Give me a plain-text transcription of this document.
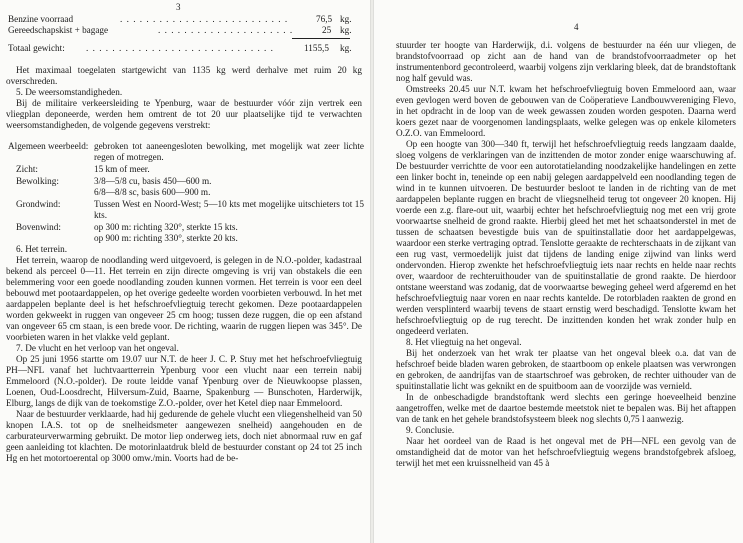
3
Benzine voorraad	. . . . . . . . . . . . . . . . . . . . . . . . . .	76,5 kg.
Gereedschapskist + bagage	. . . . . . . . . . . . . . . . . . . . .	25 kg.
Totaal gewicht: . . . . . . . . . . . . . . . . . . . . . . . . . . . . .	1155,5 kg.

Het maximaal toegelaten startgewicht van 1135 kg werd derhalve met ruim 20 kg overschreden.

5. De weersomstandigheden.

Bij de militaire verkeersleiding te Ypenburg, waar de bestuurder vóór zijn vertrek een vliegplan deponeerde, werden hem omtrent de tot 20 uur plaatselijke tijd te verwachten weersomstandigheden, de volgende gegevens verstrekt:

Algemeen weerbeeld: gebroken tot aaneengesloten bewolking, met mogelijk wat zeer lichte regen of motregen.
Zicht:	15 km of meer.
Bewolking:	3/8—5/8 cu, basis 450—600 m.
6/8—8/8 sc, basis 600—900 m.
Grondwind:	Tussen West en Noord-West; 5—10 kts met mogelijke uitschieters tot 15 kts.
Bovenwind:	op 300 m: richting 320°, sterkte 15 kts.
op 900 m: richting 330°, sterkte 20 kts.

6. Het terrein.

Het terrein, waarop de noodlanding werd uitgevoerd, is gelegen in de N.O.-polder, kadastraal bekend als perceel 0—11. Het terrein en zijn directe omgeving is vrij van obstakels die een belemmering voor een goede noodlanding zouden kunnen vormen. Het terrein is voor een deel bebouwd met pootaardappelen, op het overige gedeelte worden voorbieten verbouwd. In het met aardappelen beplante deel is het hefschroefvliegtuig terecht gekomen. Deze pootaardappelen worden gekweekt in ruggen van ongeveer 25 cm hoog; tussen deze ruggen, die op een afstand van ongeveer 65 cm staan, is een brede voor. De richting, waarin de ruggen liepen was 345°. De voorbieten waren in het vlakke veld geplant.

7. De vlucht en het verloop van het ongeval.

Op 25 juni 1956 startte om 19.07 uur N.T. de heer J. C. P. Stuy met het hefschroefvliegtuig PH—NFL vanaf het luchtvaartterrein Ypenburg voor een vlucht naar een terrein nabij Emmeloord (N.O.-polder). De route leidde vanaf Ypenburg over de Nieuwkoopse plassen, Loenen, Oud-Loosdrecht, Hilversum-Zuid, Baarne, Spakenburg — Bunschoten, Harderwijk, Elburg, langs de dijk van de toekomstige Z.O.-polder, over het Ketel diep naar Emmeloord.

Naar de bestuurder verklaarde, had hij gedurende de gehele vlucht een vliegenshelheid van 50 knopen I.A.S. tot op de snelheidsmeter aangewezen snelheid) aangehouden en de carburateurverwarming gebruikt. De motor liep onderweg iets, doch niet abnormaal ruw en gaf geen aanleiding tot klachten. De motorinlaatdruk bleld de bestuurder constant op 24 tot 25 inch Hg en het motortoerental op 3000 omw./min. Voorts had de be-

4

stuurder ter hoogte van Harderwijk, d.i. volgens de bestuurder na één uur vliegen, de brandstofvoorraad op zicht aan de hand van de brandstofvoorraadmeter op het instrumentenbord gecontroleerd, waarbij volgens zijn verklaring bleek, dat de brandstoftank nog half gevuld was.

Omstreeks 20.45 uur N.T. kwam het hefschroefvliegtuig boven Emmeloord aan, waar even gevlogen werd boven de gebouwen van de Coöperatieve Landbouwvereniging Flevo, in het opdracht in de loop van de week gewassen zouden worden gespoten. Daarna werd koers gezet naar de voorgenomen landingsplaats, welke gelegen was op enkele kilometers O.Z.O. van Emmeloord.

Op een hoogte van 300—340 ft, terwijl het hefschroefvliegtuig reeds langzaam daalde, sloeg volgens de verklaringen van de inzittenden de motor zonder enige waarschuwing af. De bestuurder verrichtte de voor een autorotatielanding noodzakelijke handelingen en zette een linker bocht in, teneinde op een nabij gelegen aardappelveld een noodlanding tegen de wind in te kunnen uitvoeren. De bestuurder besloot te landen in de richting van de met aardappelen beplante ruggen en bracht de vliegsnelheid terug tot ongeveer 20 knopen. Hij voerde een z.g. flare-out uit, waarbij echter het hefschroefvliegtuig nog met een vrij grote voorwaartse snelheid de grond raakte. Hierbij gleed het met het schaatsonderstel in met de tussen de schaatsen bevestigde buis van de spuitinstallatie door het aardappelgewas, waardoor een sterke vertraging optrad. Tenslotte geraakte de rechterschaats in de zijkant van een rug vast, vermoedelijk juist dat tijdens de landing enige zijwind van links werd ondervonden. Hierop zwenkte het hefschroefvliegtuig iets naar rechts en helde naar rechts over, waardoor de rechteruithouder van de spuitinstallatie de grond raakte. De hierdoor ontstane weerstand was zodanig, dat de voorwaartse beweging geheel werd afgeremd en het hefschroefvliegtuig naar voren en naar rechts kantelde. De rotorbladen raakten de grond en werden versplinterd waarbij tevens de staart ernstig werd beschadigd. Tenslotte kwam het hefschroefvliegtuig op de rug terecht. De inzittenden konden het wrak zonder hulp en ongedeerd verlaten.

8. Het vliegtuig na het ongeval.

Bij het onderzoek van het wrak ter plaatse van het ongeval bleek o.a. dat van de hefschroef beide bladen waren gebroken, de staartboom op enkele plaatsen was verwrongen en gebroken, de aandrijfas van de staartschroef was gebroken, de rechter uithouder van de spuitinstallatie licht was geknikt en de spuitboom aan de voorzijde was vernield.

In de onbeschadigde brandstoftank werd slechts een geringe hoeveelheid benzine aangetroffen, welke met de daartoe bestemde meetstok niet te bepalen was. Bij het aftappen van de tank en het gehele brandstofsysteem bleek nog slechts 0,75 l aanwezig.

9. Conclusie.

Naar het oordeel van de Raad is het ongeval met de PH—NFL een gevolg van de omstandigheid dat de motor van het hefschroefvliegtuig wegens brandstofgebrek afsloeg, terwijl het met een kruissnelheid van 45 à
